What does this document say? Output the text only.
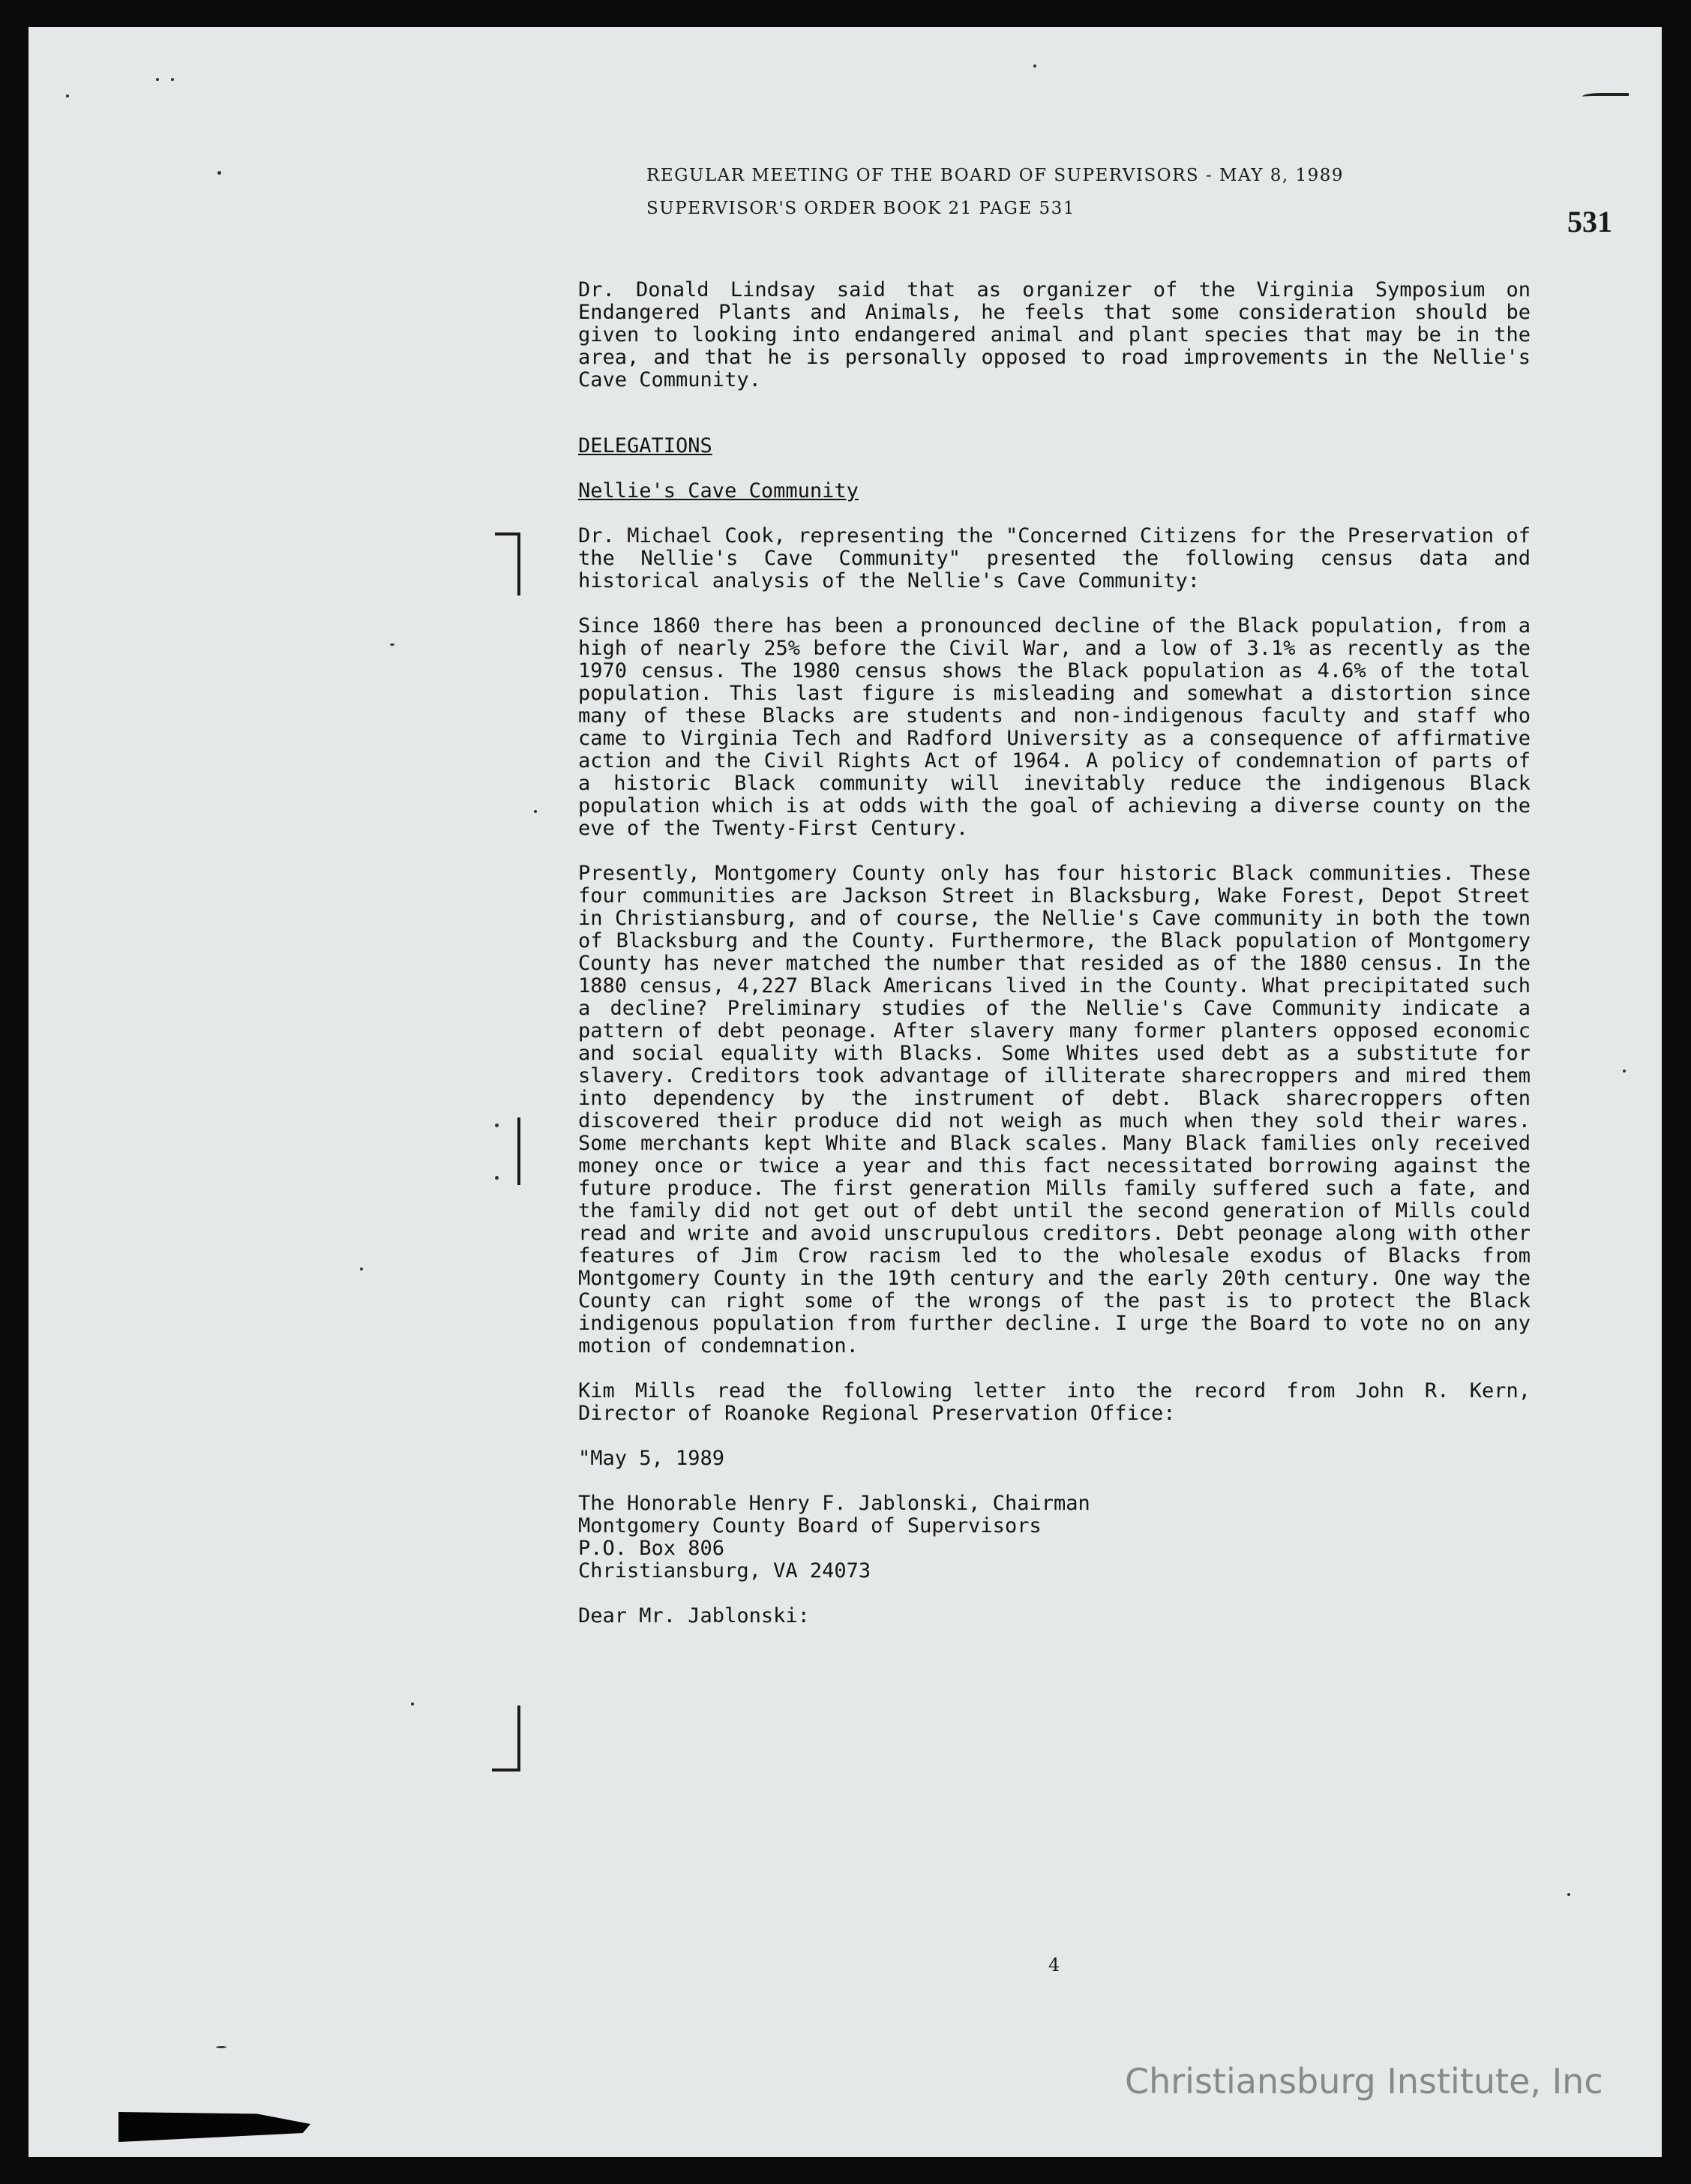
REGULAR MEETING OF THE BOARD OF SUPERVISORS - MAY 8, 1989
SUPERVISOR'S ORDER BOOK 21 PAGE 531	531

Dr. Donald Lindsay said that as organizer of the Virginia Symposium on Endangered Plants and Animals, he feels that some consideration should be given to looking into endangered animal and plant species that may be in the area, and that he is personally opposed to road improvements in the Nellie's Cave Community.

DELEGATIONS
Nellie's Cave Community

Dr. Michael Cook, representing the "Concerned Citizens for the Preservation of the Nellie's Cave Community" presented the following census data and historical analysis of the Nellie's Cave Community:

Since 1860 there has been a pronounced decline of the Black population, from a high of nearly 25% before the Civil War, and a low of 3.1% as recently as the 1970 census. The 1980 census shows the Black population as 4.6% of the total population. This last figure is misleading and somewhat a distortion since many of these Blacks are students and non-indigenous faculty and staff who came to Virginia Tech and Radford University as a consequence of affirmative action and the Civil Rights Act of 1964. A policy of condemnation of parts of a historic Black community will inevitably reduce the indigenous Black population which is at odds with the goal of achieving a diverse county on the eve of the Twenty-First Century.

Presently, Montgomery County only has four historic Black communities. These four communities are Jackson Street in Blacksburg, Wake Forest, Depot Street in Christiansburg, and of course, the Nellie's Cave community in both the town of Blacksburg and the County. Furthermore, the Black population of Montgomery County has never matched the number that resided as of the 1880 census. In the 1880 census, 4,227 Black Americans lived in the County. What precipitated such a decline? Preliminary studies of the Nellie's Cave Community indicate a pattern of debt peonage. After slavery many former planters opposed economic and social equality with Blacks. Some Whites used debt as a substitute for slavery. Creditors took advantage of illiterate sharecroppers and mired them into dependency by the instrument of debt. Black sharecroppers often discovered their produce did not weigh as much when they sold their wares. Some merchants kept White and Black scales. Many Black families only received money once or twice a year and this fact necessitated borrowing against the future produce. The first generation Mills family suffered such a fate, and the family did not get out of debt until the second generation of Mills could read and write and avoid unscrupulous creditors. Debt peonage along with other features of Jim Crow racism led to the wholesale exodus of Blacks from Montgomery County in the 19th century and the early 20th century. One way the County can right some of the wrongs of the past is to protect the Black indigenous population from further decline. I urge the Board to vote no on any motion of condemnation.

Kim Mills read the following letter into the record from John R. Kern, Director of Roanoke Regional Preservation Office:

"May 5, 1989

The Honorable Henry F. Jablonski, Chairman
Montgomery County Board of Supervisors
P.O. Box 806
Christiansburg, VA 24073

Dear Mr. Jablonski:

4
Christiansburg Institute, Inc
